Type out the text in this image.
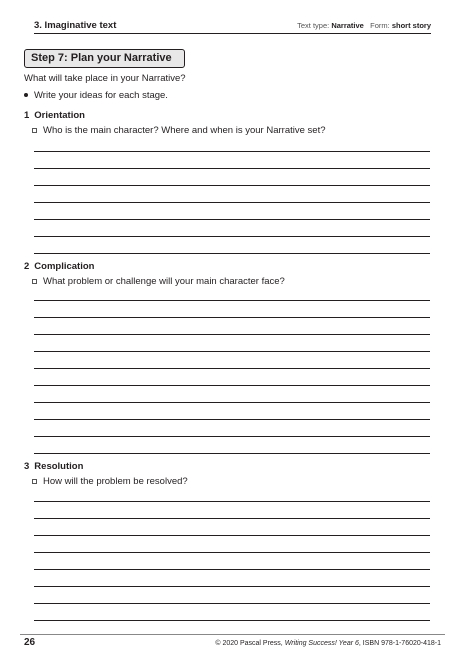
3. Imaginative text	Text type: Narrative Form: short story
Step 7: Plan your Narrative
What will take place in your Narrative?
Write your ideas for each stage.
1 Orientation
Who is the main character? Where and when is your Narrative set?
2 Complication
What problem or challenge will your main character face?
3 Resolution
How will the problem be resolved?
26	© 2020 Pascal Press, Writing Success! Year 6, ISBN 978-1-76020-418-1
